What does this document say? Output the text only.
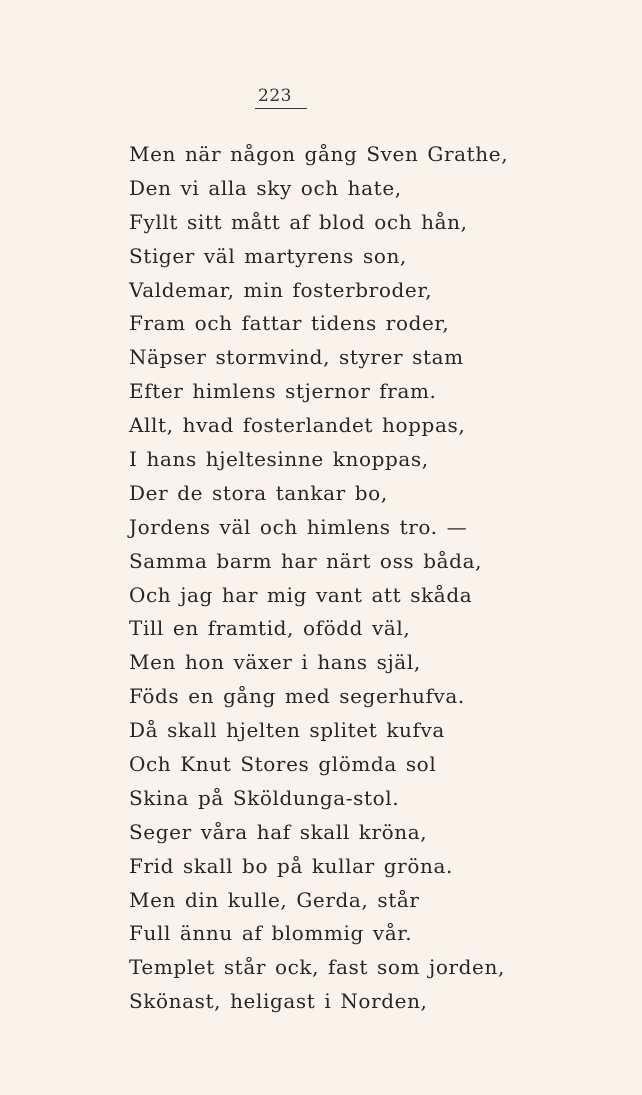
223
Men när någon gång Sven Grathe,
Den vi alla sky och hate,
Fyllt sitt mått af blod och hån,
Stiger väl martyrens son,
Valdemar, min fosterbroder,
Fram och fattar tidens roder,
Näpser stormvind, styrer stam
Efter himlens stjernor fram.
Allt, hvad fosterlandet hoppas,
I hans hjeltesinne knoppas,
Der de stora tankar bo,
Jordens väl och himlens tro. —
Samma barm har närt oss båda,
Och jag har mig vant att skåda
Till en framtid, ofödd väl,
Men hon växer i hans själ,
Föds en gång med segerhufva.
Då skall hjelten splitet kufva
Och Knut Stores glömda sol
Skina på Sköldunga-stol.
Seger våra haf skall kröna,
Frid skall bo på kullar gröna.
Men din kulle, Gerda, står
Full ännu af blommig vår.
Templet står ock, fast som jorden,
Skönast, heligast i Norden,
